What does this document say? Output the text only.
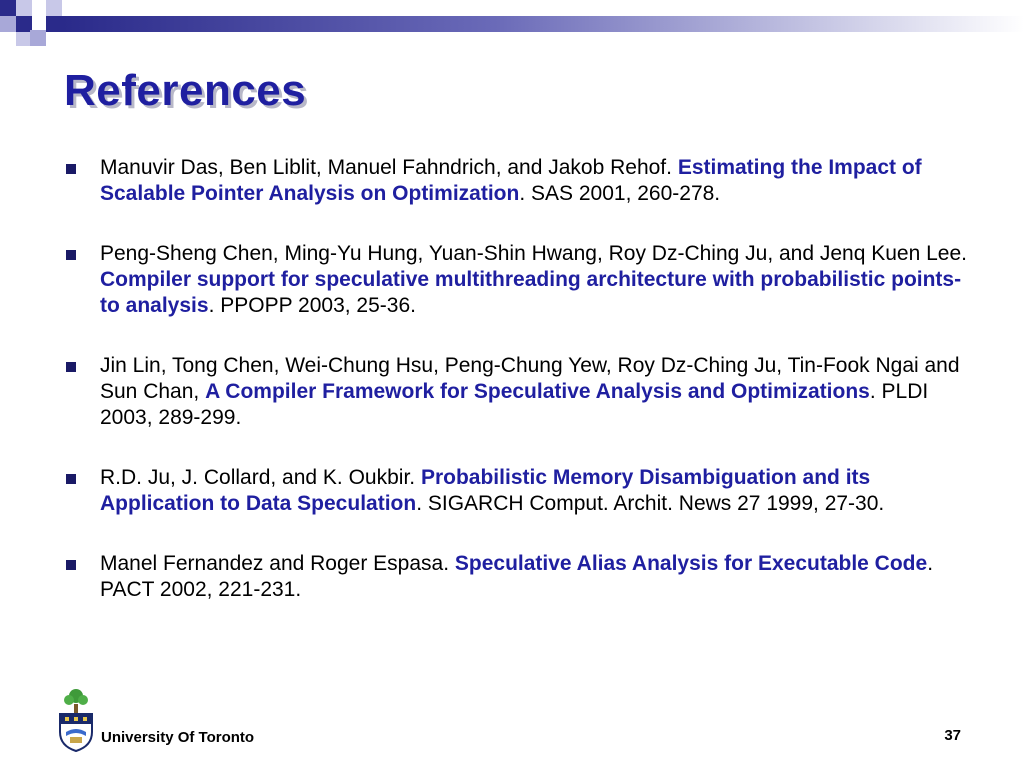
References
Manuvir Das, Ben Liblit, Manuel Fahndrich, and Jakob Rehof. Estimating the Impact of Scalable Pointer Analysis on Optimization. SAS 2001, 260-278.
Peng-Sheng Chen, Ming-Yu Hung, Yuan-Shin Hwang, Roy Dz-Ching Ju, and Jenq Kuen Lee. Compiler support for speculative multithreading architecture with probabilistic points-to analysis. PPOPP 2003, 25-36.
Jin Lin, Tong Chen, Wei-Chung Hsu, Peng-Chung Yew, Roy Dz-Ching Ju, Tin-Fook Ngai and Sun Chan, A Compiler Framework for Speculative Analysis and Optimizations. PLDI 2003, 289-299.
R.D. Ju, J. Collard, and K. Oukbir. Probabilistic Memory Disambiguation and its Application to Data Speculation. SIGARCH Comput. Archit. News 27 1999, 27-30.
Manel Fernandez and Roger Espasa. Speculative Alias Analysis for Executable Code. PACT 2002, 221-231.
University Of Toronto	37
